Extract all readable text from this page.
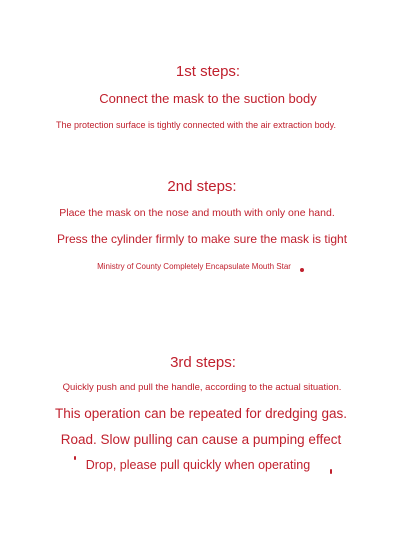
1st steps:

Connect the mask to the suction body

The protection surface is tightly connected with the air extraction body.

2nd steps:

Place the mask on the nose and mouth with only one hand.

Press the cylinder firmly to make sure the mask is tight

Ministry of County Completely Encapsulate Mouth Star

3rd steps:

Quickly push and pull the handle, according to the actual situation.

This operation can be repeated for dredging gas.

Road. Slow pulling can cause a pumping effect

Drop, please pull quickly when operating
